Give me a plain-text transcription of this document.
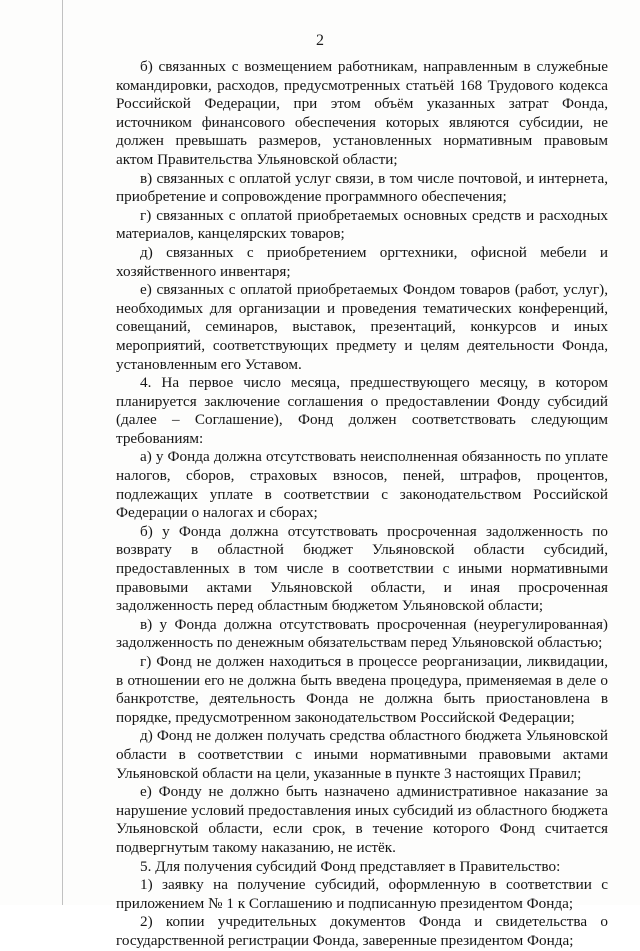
2

б) связанных с возмещением работникам, направленным в служебные командировки, расходов, предусмотренных статьёй 168 Трудового кодекса Российской Федерации, при этом объём указанных затрат Фонда, источником финансового обеспечения которых являются субсидии, не должен превышать размеров, установленных нормативным правовым актом Правительства Ульяновской области;

в) связанных с оплатой услуг связи, в том числе почтовой, и интернета, приобретение и сопровождение программного обеспечения;

г) связанных с оплатой приобретаемых основных средств и расходных материалов, канцелярских товаров;

д) связанных с приобретением оргтехники, офисной мебели и хозяйственного инвентаря;

е) связанных с оплатой приобретаемых Фондом товаров (работ, услуг), необходимых для организации и проведения тематических конференций, совещаний, семинаров, выставок, презентаций, конкурсов и иных мероприятий, соответствующих предмету и целям деятельности Фонда, установленным его Уставом.

4. На первое число месяца, предшествующего месяцу, в котором планируется заключение соглашения о предоставлении Фонду субсидий (далее – Соглашение), Фонд должен соответствовать следующим требованиям:

а) у Фонда должна отсутствовать неисполненная обязанность по уплате налогов, сборов, страховых взносов, пеней, штрафов, процентов, подлежащих уплате в соответствии с законодательством Российской Федерации о налогах и сборах;

б) у Фонда должна отсутствовать просроченная задолженность по возврату в областной бюджет Ульяновской области субсидий, предоставленных в том числе в соответствии с иными нормативными правовыми актами Ульяновской области, и иная просроченная задолженность перед областным бюджетом Ульяновской области;

в) у Фонда должна отсутствовать просроченная (неурегулированная) задолженность по денежным обязательствам перед Ульяновской областью;

г) Фонд не должен находиться в процессе реорганизации, ликвидации, в отношении его не должна быть введена процедура, применяемая в деле о банкротстве, деятельность Фонда не должна быть приостановлена в порядке, предусмотренном законодательством Российской Федерации;

д) Фонд не должен получать средства областного бюджета Ульяновской области в соответствии с иными нормативными правовыми актами Ульяновской области на цели, указанные в пункте 3 настоящих Правил;

е) Фонду не должно быть назначено административное наказание за нарушение условий предоставления иных субсидий из областного бюджета Ульяновской области, если срок, в течение которого Фонд считается подвергнутым такому наказанию, не истёк.

5. Для получения субсидий Фонд представляет в Правительство:

1) заявку на получение субсидий, оформленную в соответствии с приложением № 1 к Соглашению и подписанную президентом Фонда;

2) копии учредительных документов Фонда и свидетельства о государственной регистрации Фонда, заверенные президентом Фонда;
